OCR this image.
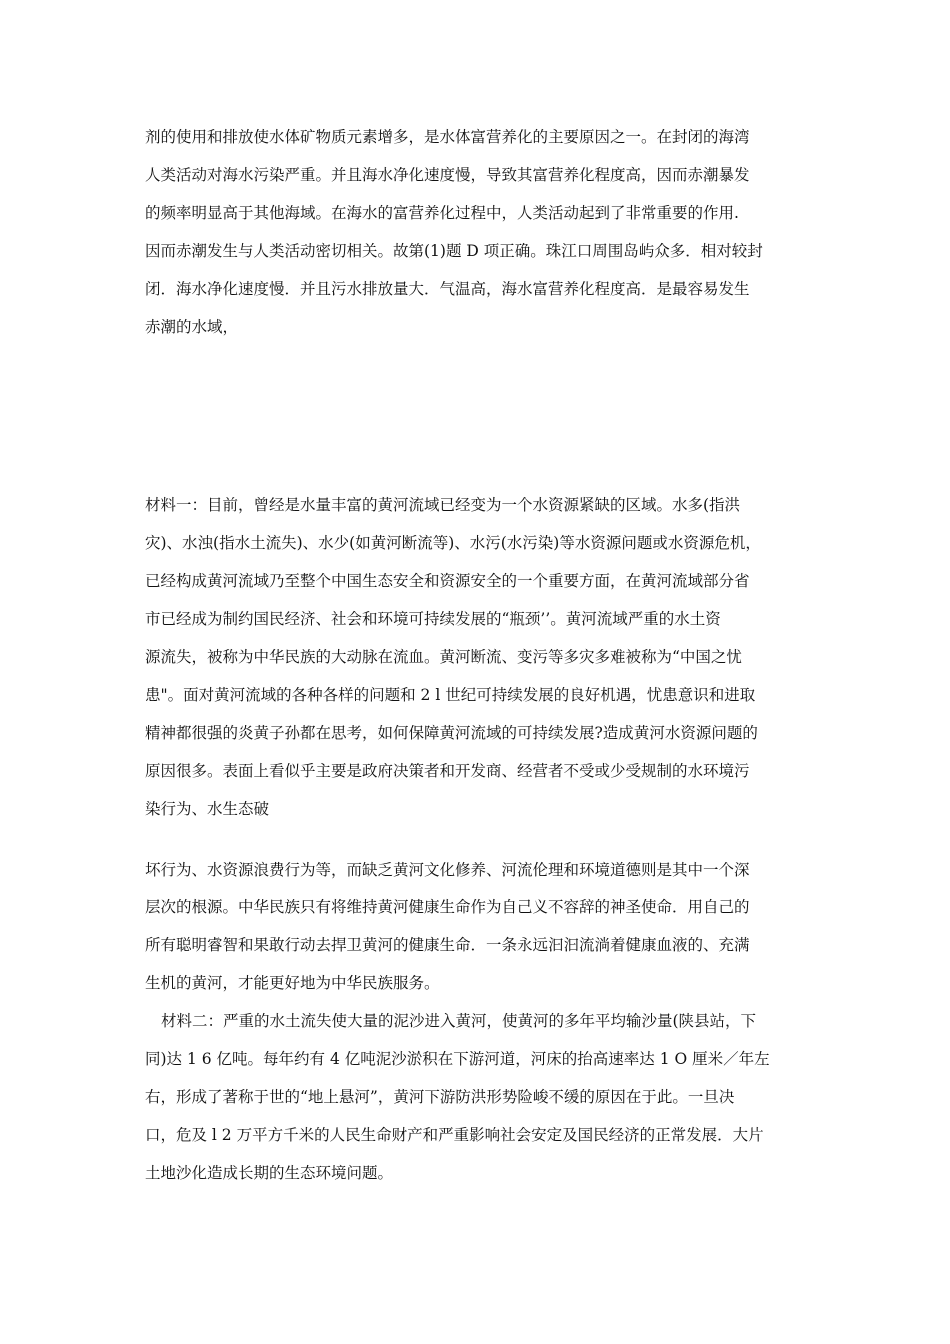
剂的使用和排放使水体矿物质元素增多，是水体富营养化的主要原因之一。在封闭的海湾
人类活动对海水污染严重。并且海水净化速度慢，导致其富营养化程度高，因而赤潮暴发
的频率明显高于其他海域。在海水的富营养化过程中，人类活动起到了非常重要的作用.
因而赤潮发生与人类活动密切相关。故第(1)题 D 项正确。珠江口周围岛屿众多．相对较封
闭．海水净化速度慢．并且污水排放量大．气温高，海水富营养化程度高．是最容易发生
赤潮的水域，
材料一：目前，曾经是水量丰富的黄河流域已经变为一个水资源紧缺的区域。水多(指洪
灾)、水浊(指水土流失)、水少(如黄河断流等)、水污(水污染)等水资源问题或水资源危机，
已经构成黄河流域乃至整个中国生态安全和资源安全的一个重要方面，在黄河流域部分省
市已经成为制约国民经济、社会和环境可持续发展的“瓶颈’’。黄河流域严重的水土资
源流失，被称为中华民族的大动脉在流血。黄河断流、变污等多灾多难被称为“中国之忧
患"。面对黄河流域的各种各样的问题和 2 l 世纪可持续发展的良好机遇，忧患意识和进取
精神都很强的炎黄子孙都在思考，如何保障黄河流域的可持续发展?造成黄河水资源问题的
原因很多。表面上看似乎主要是政府决策者和开发商、经营者不受或少受规制的水环境污
染行为、水生态破
坏行为、水资源浪费行为等，而缺乏黄河文化修养、河流伦理和环境道德则是其中一个深
层次的根源。中华民族只有将维持黄河健康生命作为自己义不容辞的神圣使命．用自己的
所有聪明睿智和果敢行动去捍卫黄河的健康生命．一条永远汩汩流淌着健康血液的、充满
生机的黄河，才能更好地为中华民族服务。
材料二：严重的水土流失使大量的泥沙进入黄河，使黄河的多年平均输沙量(陕县站，下
同)达 1 6 亿吨。每年约有 4 亿吨泥沙淤积在下游河道，河床的抬高速率达 1 O 厘米／年左
右，形成了著称于世的“地上悬河”，黄河下游防洪形势险峻不缓的原因在于此。一旦决
口，危及 l 2 万平方千米的人民生命财产和严重影响社会安定及国民经济的正常发展．大片
土地沙化造成长期的生态环境问题。
